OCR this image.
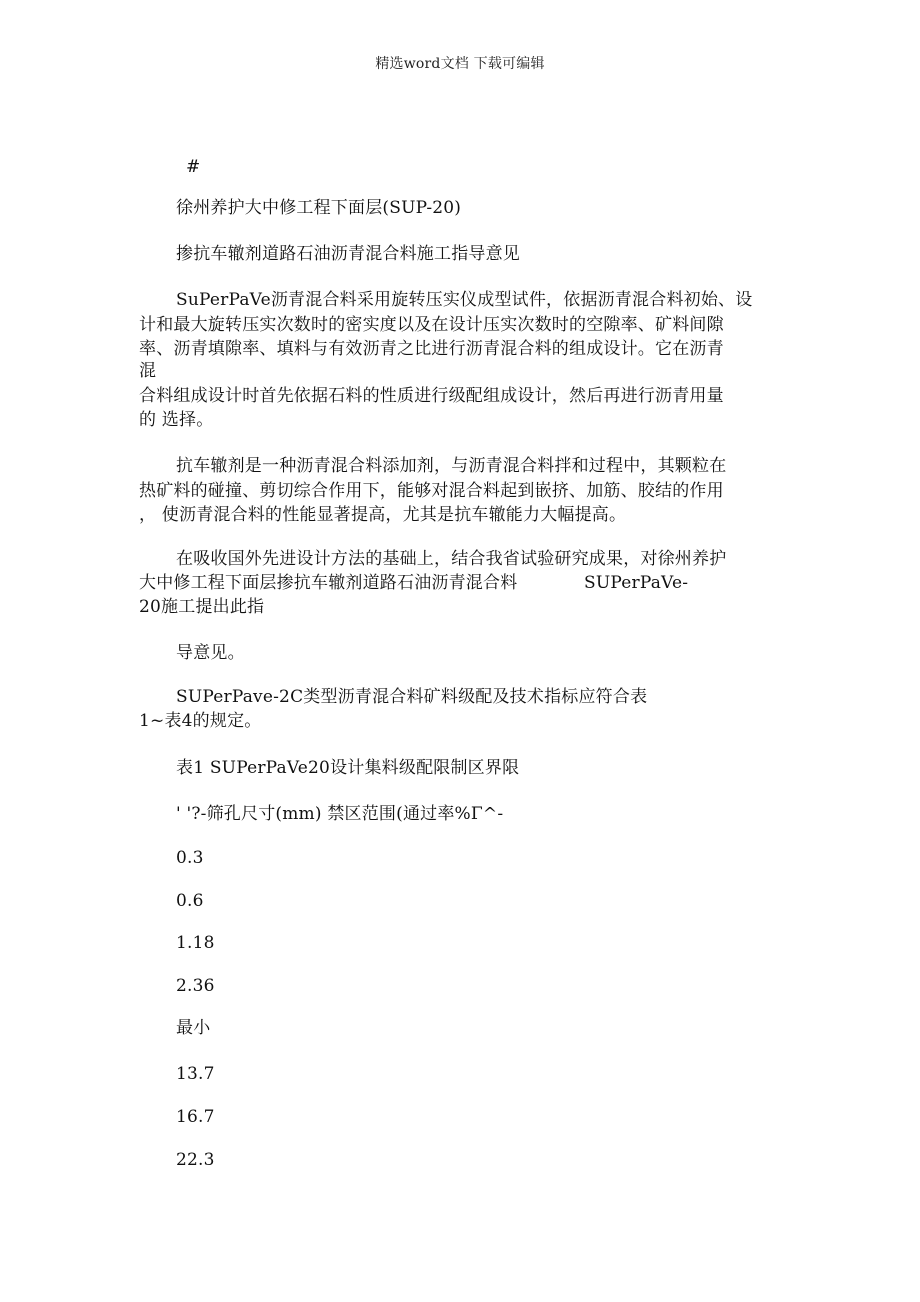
精选word文档 下载可编辑
#
徐州养护大中修工程下面层(SUP-20)
掺抗车辙剂道路石油沥青混合料施工指导意见
SuPerPaVe沥青混合料采用旋转压实仪成型试件，依据沥青混合料初始、设
计和最大旋转压实次数时的密实度以及在设计压实次数时的空隙率、矿料间隙
率、沥青填隙率、填料与有效沥青之比进行沥青混合料的组成设计。它在沥青
混
合料组成设计时首先依据石料的性质进行级配组成设计，然后再进行沥青用量
的 选择。
抗车辙剂是一种沥青混合料添加剂，与沥青混合料拌和过程中，其颗粒在
热矿料的碰撞、剪切综合作用下，能够对混合料起到嵌挤、加筋、胶结的作用
， 使沥青混合料的性能显著提高，尤其是抗车辙能力大幅提高。
在吸收国外先进设计方法的基础上，结合我省试验研究成果，对徐州养护
大中修工程下面层掺抗车辙剂道路石油沥青混合料	SUPerPaVe-
20施工提出此指
导意见。
SUPerPave-2C类型沥青混合料矿料级配及技术指标应符合表
1~表4的规定。
表1 SUPerPaVe20设计集料级配限制区界限
' '?-筛孔尺寸(mm) 禁区范围(通过率%Γ^-
0.3
0.6
1.18
2.36
最小
13.7
16.7
22.3
